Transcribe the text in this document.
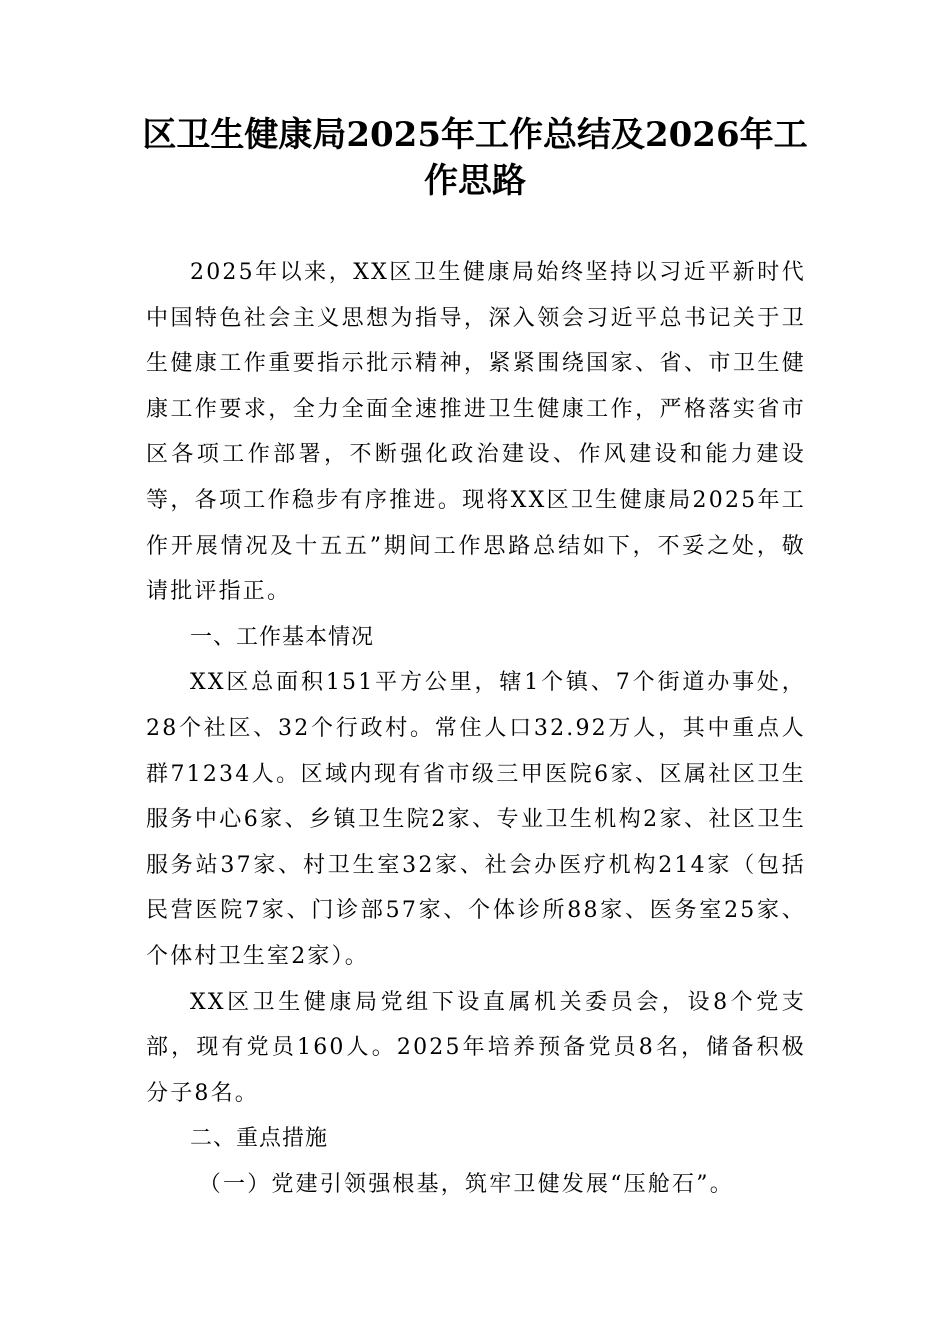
区卫生健康局2025年工作总结及2026年工作思路

2025年以来，XX区卫生健康局始终坚持以习近平新时代中国特色社会主义思想为指导，深入领会习近平总书记关于卫生健康工作重要指示批示精神，紧紧围绕国家、省、市卫生健康工作要求，全力全面全速推进卫生健康工作，严格落实省市区各项工作部署，不断强化政治建设、作风建设和能力建设等，各项工作稳步有序推进。现将XX区卫生健康局2025年工作开展情况及十五五”期间工作思路总结如下，不妥之处，敬请批评指正。

一、工作基本情况

XX区总面积151平方公里，辖1个镇、7个街道办事处，28个社区、32个行政村。常住人口32.92万人，其中重点人群71234人。区域内现有省市级三甲医院6家、区属社区卫生服务中心6家、乡镇卫生院2家、专业卫生机构2家、社区卫生服务站37家、村卫生室32家、社会办医疗机构214家（包括民营医院7家、门诊部57家、个体诊所88家、医务室25家、个体村卫生室2家）。

XX区卫生健康局党组下设直属机关委员会，设8个党支部，现有党员160人。2025年培养预备党员8名，储备积极分子8名。

二、重点措施

（一）党建引领强根基，筑牢卫健发展“压舱石”。
